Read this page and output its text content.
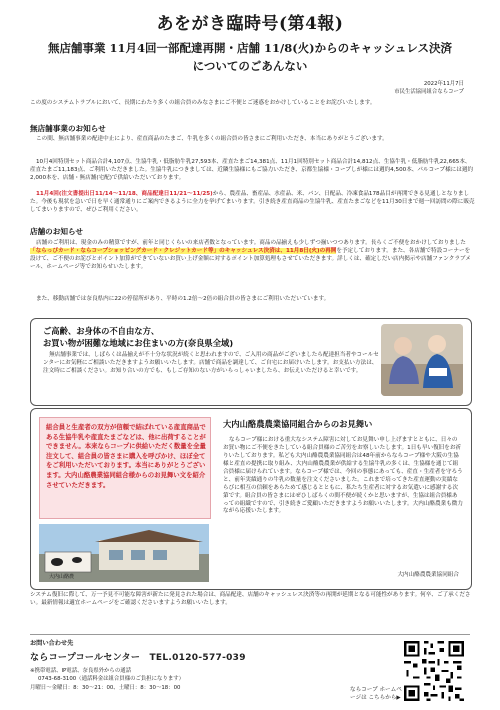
あをがき臨時号(第4報)
無店舗事業 11月4回一部配達再開・店舗 11/8(火)からのキャッシュレス決済
についてのごあんない
2022年11月7日
市民生活協同組合ならコープ
この度のシステムトラブルにおいて、長期にわたり多くの組合員のみなさまにご不便とご迷惑をおかけしていることをお詫びいたします。
無店舗事業のお知らせ
この間、無店舗事業の配達中止により、産直商品のたまご、牛乳を多くの組合員の皆さまにご利用いただき、本当にありがとうございます。
10月4回特別セット商品合計4,107点、生協牛乳・低脂肪牛乳27,593本、産直たまご14,381点、11月1回特別セット商品合計14,812点、生協牛乳・低脂肪牛乳22,665本、産直たまご11,183点、ご利用いただきました。生協牛乳につきましては、近隣生協様にもご協力いただき、京都生協様・コープしが様には週約4,500本、パルコープ様には週約2,000本を、店舗・無店舗(宅配)で供給いただいております。
11月4回(注文書提出日11/14～11/18、商品配達日11/21～11/25)から、農産品、畜産品、水産品、米、パン、日配品、冷凍食品178品目が再開できる見通しとなりました。今後も現状を急いで日を早く通常通りにご案内できるように全力を挙げてまいります。引き続き産直商品の生協牛乳、産直たまごなどを11月30日まで週一回訪問の際に販売してまいりますので、ぜひご利用ください。
店舗のお知らせ
店舗のご利用は、現金のみの精算ですが、前年と同じくらいの来店者数となっています。商品の品揃えも少しずつ揃いつつあります。長らくご不便をおかけしておりました「ならっぴカード・ならコープショッピングカード・クレジットカード等」のキャッシュレス決済は、11月8日(火)の再開を予定しております。また、各店舗で特設コーナーを設けて、ご不便のお詫びとポイント加算ができていないお買い上げ金額に対するポイント加算処理もさせていただきます。詳しくは、確定しだい店内掲示や店舗ファンクラブメール、ホームページ等でお知らせいたします。
また、移動店舗では奈良県内に22の停留所があり、平時の1.2倍～2倍の組合員の皆さまにご利用いただいています。
ご高齢、お身体の不自由な方、
お買い物が困難な地域にお住まいの方(奈良県全域)
無店舗事業では、しばらくは品揃えが不十分な状況が続くと思われますので、ご入用の商品がございましたら配達担当者やコールセンターにお気軽にご相談いただきますようお願いいたします。店舗で商品を調達して、ご自宅にお届けいたします。お支払い方法は、注文時にご相談ください。お知り合いの方でも、もしご存知のない方がいらっしゃいましたら、お伝えいただけると幸いです。
組合員と生産者の双方が信頼で結ばれている産直商品である生協牛乳や産直たまごなどは、他に出荷することができません。本来ならコープに供給いただく数量を全量注文して、組合員の皆さまに購入を呼びかけ、ほぼ全てをご利用いただいております。本当にありがとうございます。大内山酪農業協同組合様からのお見舞い文を紹介させていただきます。
大内山酪農
大内山酪農農業協同組合からのお見舞い
ならコープ様における重大なシステム障害に対してお見舞い申し上げますとともに、日々のお買い物にご不便をきたしている組合員様のご苦労をお察しいたします。1日も早い復旧をお祈りいたしております。私ども大内山酪農農業協同組合は48年前からならコープ様や大阪の生協様と産直の提携に取り組み、大内山酪農農業が供給する生協牛乳の多くは、生協様を通じて組合員様に届けられています。ならコープ様では、今回の事態にあっても、産直・生産者を守ろうと、前年実績通りの牛乳の数量を注文くださいました。これまで培ってきた産直運動の実績ならびに相互の信頼をあらためて感じるとともに、私たち生産者に対するお気遣いに感謝する次第です。組合員の皆さまにはぜひしばらくの間不便が続くかと思いますが、生協は組合員様あっての組織ですので、引き続きご愛顧いただきますようお願いいたします。大内山酪農業も微力ながら応援いたします。
大内山酪農農業協同組合
システム復旧に際して、万一予見不可能な障害が新たに発見された場合は、商品配達、店舗のキャッシュレス決済等の再開が延期となる可能性があります。何卒、ご了承ください。最新情報は適宜ホームページをご確認くださいますようお願いいたします。
お問い合わせ先
ならコープコールセンター　TEL.0120-577-039
※携帯電話、IP電話、奈良県外からの通話
0743-68-3100（通話料金は組合員様のご負担になります）
月曜日～金曜日：8：30～21：00、土曜日：8：30～18：00	ならコープ ホームページは こちらから▶
